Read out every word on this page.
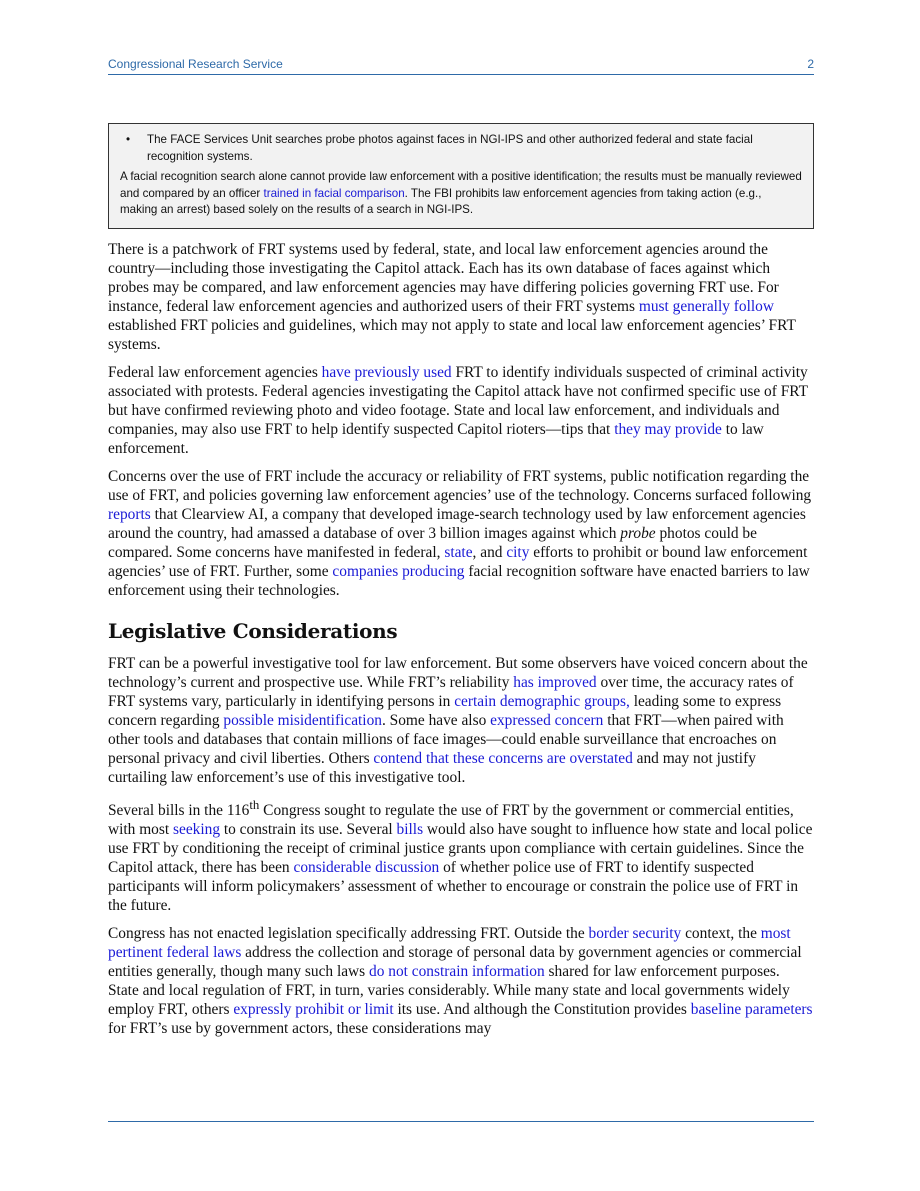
Congressional Research Service	2
•	The FACE Services Unit searches probe photos against faces in NGI-IPS and other authorized federal and state facial recognition systems.

A facial recognition search alone cannot provide law enforcement with a positive identification; the results must be manually reviewed and compared by an officer trained in facial comparison. The FBI prohibits law enforcement agencies from taking action (e.g., making an arrest) based solely on the results of a search in NGI-IPS.

There is a patchwork of FRT systems used by federal, state, and local law enforcement agencies around the country—including those investigating the Capitol attack. Each has its own database of faces against which probes may be compared, and law enforcement agencies may have differing policies governing FRT use. For instance, federal law enforcement agencies and authorized users of their FRT systems must generally follow established FRT policies and guidelines, which may not apply to state and local law enforcement agencies’ FRT systems.

Federal law enforcement agencies have previously used FRT to identify individuals suspected of criminal activity associated with protests. Federal agencies investigating the Capitol attack have not confirmed specific use of FRT but have confirmed reviewing photo and video footage. State and local law enforcement, and individuals and companies, may also use FRT to help identify suspected Capitol rioters—tips that they may provide to law enforcement.

Concerns over the use of FRT include the accuracy or reliability of FRT systems, public notification regarding the use of FRT, and policies governing law enforcement agencies’ use of the technology. Concerns surfaced following reports that Clearview AI, a company that developed image-search technology used by law enforcement agencies around the country, had amassed a database of over 3 billion images against which probe photos could be compared. Some concerns have manifested in federal, state, and city efforts to prohibit or bound law enforcement agencies’ use of FRT. Further, some companies producing facial recognition software have enacted barriers to law enforcement using their technologies.

Legislative Considerations

FRT can be a powerful investigative tool for law enforcement. But some observers have voiced concern about the technology’s current and prospective use. While FRT’s reliability has improved over time, the accuracy rates of FRT systems vary, particularly in identifying persons in certain demographic groups, leading some to express concern regarding possible misidentification. Some have also expressed concern that FRT—when paired with other tools and databases that contain millions of face images—could enable surveillance that encroaches on personal privacy and civil liberties. Others contend that these concerns are overstated and may not justify curtailing law enforcement’s use of this investigative tool.

Several bills in the 116th Congress sought to regulate the use of FRT by the government or commercial entities, with most seeking to constrain its use. Several bills would also have sought to influence how state and local police use FRT by conditioning the receipt of criminal justice grants upon compliance with certain guidelines. Since the Capitol attack, there has been considerable discussion of whether police use of FRT to identify suspected participants will inform policymakers’ assessment of whether to encourage or constrain the police use of FRT in the future.

Congress has not enacted legislation specifically addressing FRT. Outside the border security context, the most pertinent federal laws address the collection and storage of personal data by government agencies or commercial entities generally, though many such laws do not constrain information shared for law enforcement purposes. State and local regulation of FRT, in turn, varies considerably. While many state and local governments widely employ FRT, others expressly prohibit or limit its use. And although the Constitution provides baseline parameters for FRT’s use by government actors, these considerations may
